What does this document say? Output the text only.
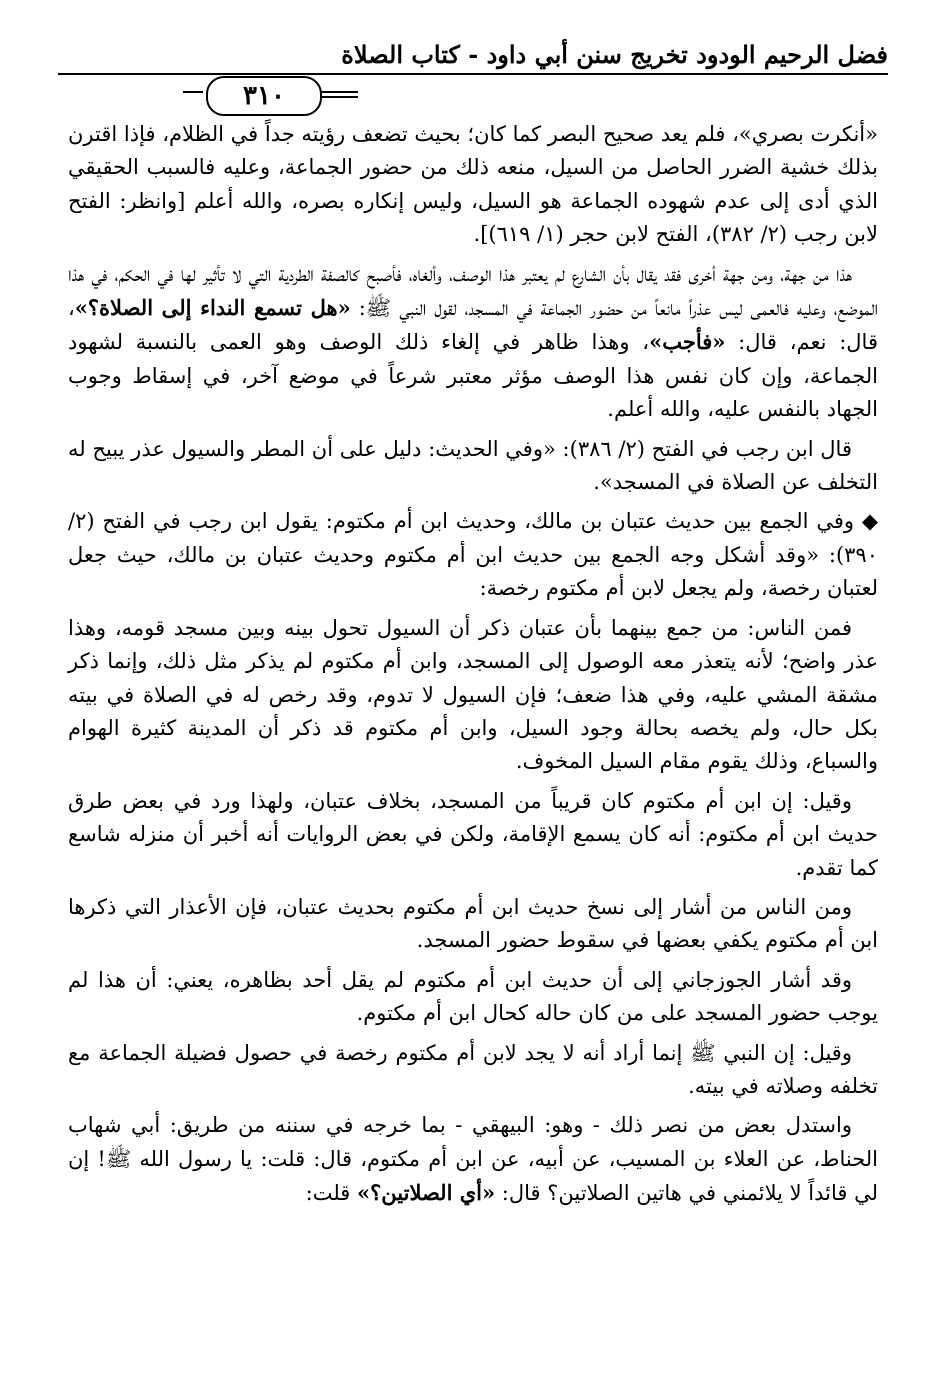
فضل الرحيم الودود تخريج سنن أبي داود - كتاب الصلاة
٣١٠

«أنكرت بصري»، فلم يعد صحيح البصر كما كان؛ بحيث تضعف رؤيته جداً في الظلام، فإذا اقترن بذلك خشية الضرر الحاصل من السيل، منعه ذلك من حضور الجماعة، وعليه فالسبب الحقيقي الذي أدى إلى عدم شهوده الجماعة هو السيل، وليس إنكاره بصره، والله أعلم [وانظر: الفتح لابن رجب (٢/ ٣٨٢)، الفتح لابن حجر (١/ ٦١٩)].

هذا من جهة، ومن جهة أخرى فقد يقال بأن الشارع لم يعتبر هذا الوصف، وألغاه، فأصبح كالصفة الطردية التي لا تأثير لها في الحكم، في هذا الموضع، وعليه فالعمى ليس عذراً مانعاً من حضور الجماعة في المسجد، لقول النبي ﷺ: «هل تسمع النداء إلى الصلاة؟»، قال: نعم، قال: «فأجب»، وهذا ظاهر في إلغاء ذلك الوصف وهو العمى بالنسبة لشهود الجماعة، وإن كان نفس هذا الوصف مؤثر معتبر شرعاً في موضع آخر، في إسقاط وجوب الجهاد بالنفس عليه، والله أعلم.

قال ابن رجب في الفتح (٢/ ٣٨٦): «وفي الحديث: دليل على أن المطر والسيول عذر يبيح له التخلف عن الصلاة في المسجد».

◆ وفي الجمع بين حديث عتبان بن مالك، وحديث ابن أم مكتوم: يقول ابن رجب في الفتح (٢/ ٣٩٠): «وقد أشكل وجه الجمع بين حديث ابن أم مكتوم وحديث عتبان بن مالك، حيث جعل لعتبان رخصة، ولم يجعل لابن أم مكتوم رخصة:

فمن الناس: من جمع بينهما بأن عتبان ذكر أن السيول تحول بينه وبين مسجد قومه، وهذا عذر واضح؛ لأنه يتعذر معه الوصول إلى المسجد، وابن أم مكتوم لم يذكر مثل ذلك، وإنما ذكر مشقة المشي عليه، وفي هذا ضعف؛ فإن السيول لا تدوم، وقد رخص له في الصلاة في بيته بكل حال، ولم يخصه بحالة وجود السيل، وابن أم مكتوم قد ذكر أن المدينة كثيرة الهوام والسباع، وذلك يقوم مقام السيل المخوف.

وقيل: إن ابن أم مكتوم كان قريباً من المسجد، بخلاف عتبان، ولهذا ورد في بعض طرق حديث ابن أم مكتوم: أنه كان يسمع الإقامة، ولكن في بعض الروايات أنه أخبر أن منزله شاسع كما تقدم.

ومن الناس من أشار إلى نسخ حديث ابن أم مكتوم بحديث عتبان، فإن الأعذار التي ذكرها ابن أم مكتوم يكفي بعضها في سقوط حضور المسجد.

وقد أشار الجوزجاني إلى أن حديث ابن أم مكتوم لم يقل أحد بظاهره، يعني: أن هذا لم يوجب حضور المسجد على من كان حاله كحال ابن أم مكتوم.

وقيل: إن النبي ﷺ إنما أراد أنه لا يجد لابن أم مكتوم رخصة في حصول فضيلة الجماعة مع تخلفه وصلاته في بيته.

واستدل بعض من نصر ذلك - وهو: البيهقي - بما خرجه في سننه من طريق: أبي شهاب الحناط، عن العلاء بن المسيب، عن أبيه، عن ابن أم مكتوم، قال: قلت: يا رسول الله ﷺ! إن لي قائداً لا يلائمني في هاتين الصلاتين؟ قال: «أي الصلاتين؟» قلت:
